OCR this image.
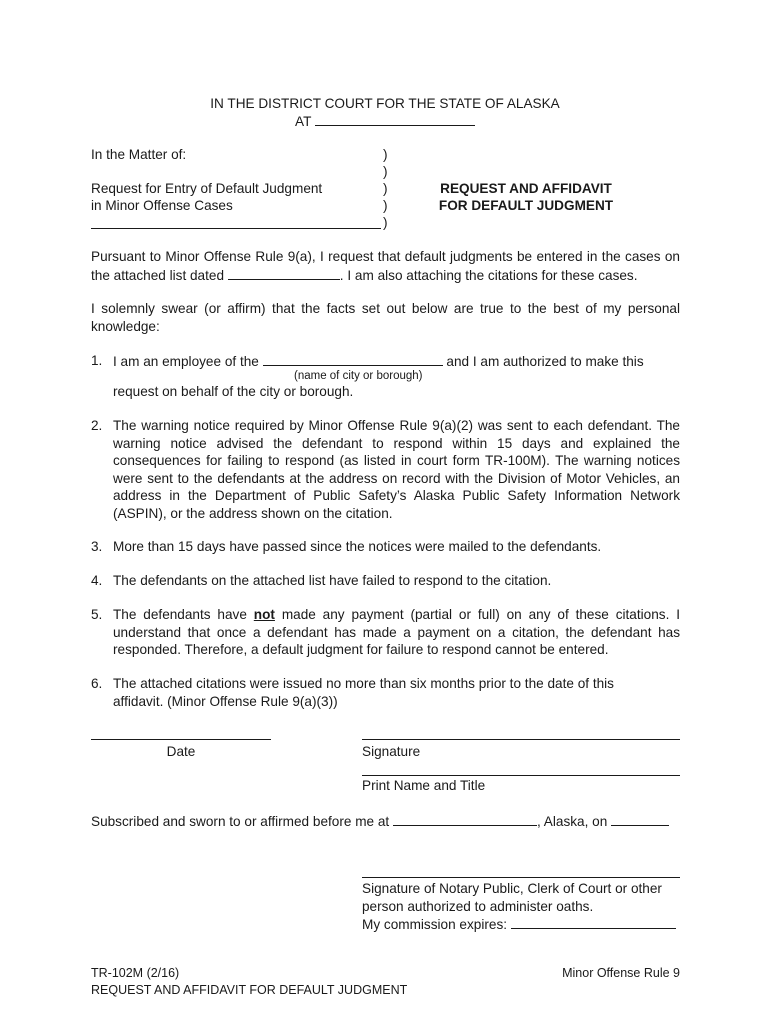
IN THE DISTRICT COURT FOR THE STATE OF ALASKA
AT
In the Matter of:
Request for Entry of Default Judgment
in Minor Offense Cases
)
)
)
)
)
REQUEST AND AFFIDAVIT
FOR DEFAULT JUDGMENT
Pursuant to Minor Offense Rule 9(a), I request that default judgments be entered in the cases on the attached list dated	. I am also attaching the citations for these cases.
I solemnly swear (or affirm) that the facts set out below are true to the best of my personal knowledge:
1. I am an employee of the	and I am authorized to make this
(name of city or borough)
request on behalf of the city or borough.
2. The warning notice required by Minor Offense Rule 9(a)(2) was sent to each defendant. The warning notice advised the defendant to respond within 15 days and explained the consequences for failing to respond (as listed in court form TR-100M). The warning notices were sent to the defendants at the address on record with the Division of Motor Vehicles, an address in the Department of Public Safety’s Alaska Public Safety Information Network (ASPIN), or the address shown on the citation.
3. More than 15 days have passed since the notices were mailed to the defendants.
4. The defendants on the attached list have failed to respond to the citation.
5. The defendants have not made any payment (partial or full) on any of these citations. I understand that once a defendant has made a payment on a citation, the defendant has responded. Therefore, a default judgment for failure to respond cannot be entered.
6. The attached citations were issued no more than six months prior to the date of this affidavit. (Minor Offense Rule 9(a)(3))
Date	Signature
Print Name and Title
Subscribed and sworn to or affirmed before me at	, Alaska, on
Signature of Notary Public, Clerk of Court or other
person authorized to administer oaths.
My commission expires:
TR-102M (2/16)
REQUEST AND AFFIDAVIT FOR DEFAULT JUDGMENT
Minor Offense Rule 9
